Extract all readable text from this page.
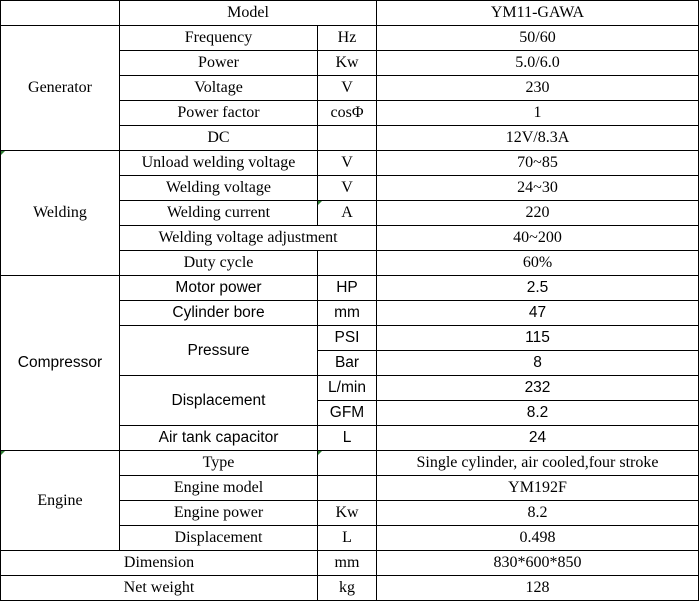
	Model		YM11-GAWA
Generator	Frequency	Hz	50/60
	Power	Kw	5.0/6.0
	Voltage	V	230
	Power factor	cosΦ	1
	DC		12V/8.3A
Welding	Unload welding voltage	V	70~85
	Welding voltage	V	24~30
	Welding current	A	220
	Welding voltage adjustment		40~200
	Duty cycle		60%
Compressor	Motor power	HP	2.5
	Cylinder bore	mm	47
	Pressure	PSI	115
		Bar	8
	Displacement	L/min	232
		GFM	8.2
	Air tank capacitor	L	24
Engine	Type		Single cylinder, air cooled,four stroke
	Engine model		YM192F
	Engine power	Kw	8.2
	Displacement	L	0.498
Dimension		mm	830*600*850
Net weight		kg	128
